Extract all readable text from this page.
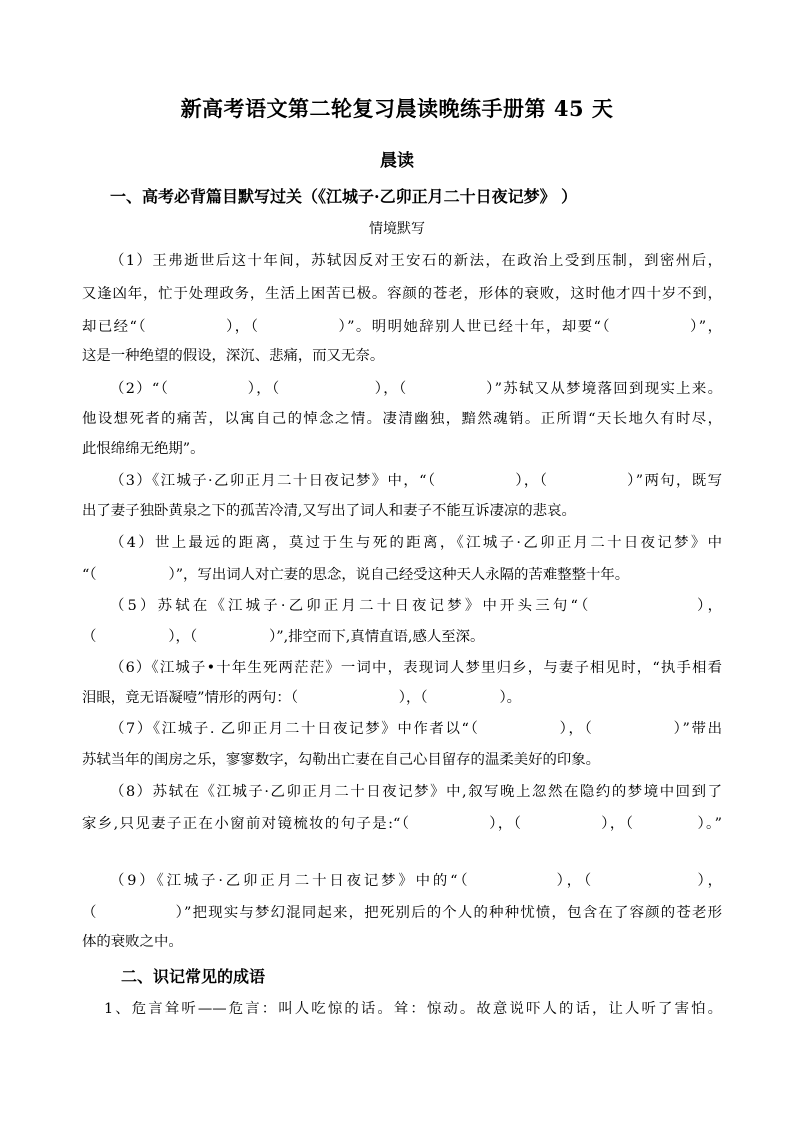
新高考语文第二轮复习晨读晚练手册第 45 天
晨读
一、高考必背篇目默写过关（《江城子·乙卯正月二十日夜记梦》 ）
情境默写
（1）王弗逝世后这十年间，苏轼因反对王安石的新法，在政治上受到压制，到密州后，
又逢凶年，忙于处理政务，生活上困苦已极。容颜的苍老，形体的衰败，这时他才四十岁不到，
却已经“（　　　　　），（　　　　　）”。明明她辞别人世已经十年，却要“（　　　　　）”，
这是一种绝望的假设，深沉、悲痛，而又无奈。
（2）“（　　　　　），（　　　　　　），（　　　　　）”苏轼又从梦境落回到现实上来。
他设想死者的痛苦，以寓自己的悼念之情。凄清幽独，黯然魂销。正所谓“天长地久有时尽，
此恨绵绵无绝期”。
（3）《江城子·乙卯正月二十日夜记梦》中，“（　　　　　），（　　　　　）”两句，既写
出了妻子独卧黄泉之下的孤苦冷清,又写出了词人和妻子不能互诉凄凉的悲哀。
（4）世上最远的距离，莫过于生与死的距离，《江城子·乙卯正月二十日夜记梦》中
“（　　　　　）”，写出词人对亡妻的思念，说自己经受这种天人永隔的苦难整整十年。
（5）苏轼在《江城子·乙卯正月二十日夜记梦》中开头三句“（　　　　　　），
（　　　　　），（　　　　　）”,排空而下,真情直语,感人至深。
（6）《江城子•十年生死两茫茫》一词中，表现词人梦里归乡，与妻子相见时，“执手相看
泪眼，竟无语凝噎”情形的两句：（　　　　　　　），（　　　　　）。
（7）《江城子. 乙卯正月二十日夜记梦》中作者以“（　　　　　），（　　　　　）”带出
苏轼当年的闺房之乐，寥寥数字，勾勒出亡妻在自己心目留存的温柔美好的印象。
（8）苏轼在《江城子·乙卯正月二十日夜记梦》中,叙写晚上忽然在隐约的梦境中回到了
家乡,只见妻子正在小窗前对镜梳妆的句子是:“（　　　　　），（　　　　　），（　　　　）。”
（9）《江城子·乙卯正月二十日夜记梦》中的“（　　　　　），（　　　　　　），
（　　　　　）”把现实与梦幻混同起来，把死别后的个人的种种忧愤，包含在了容颜的苍老形
体的衰败之中。
二、识记常见的成语
1、危言耸听——危言：叫人吃惊的话。耸：惊动。故意说吓人的话，让人听了害怕。
